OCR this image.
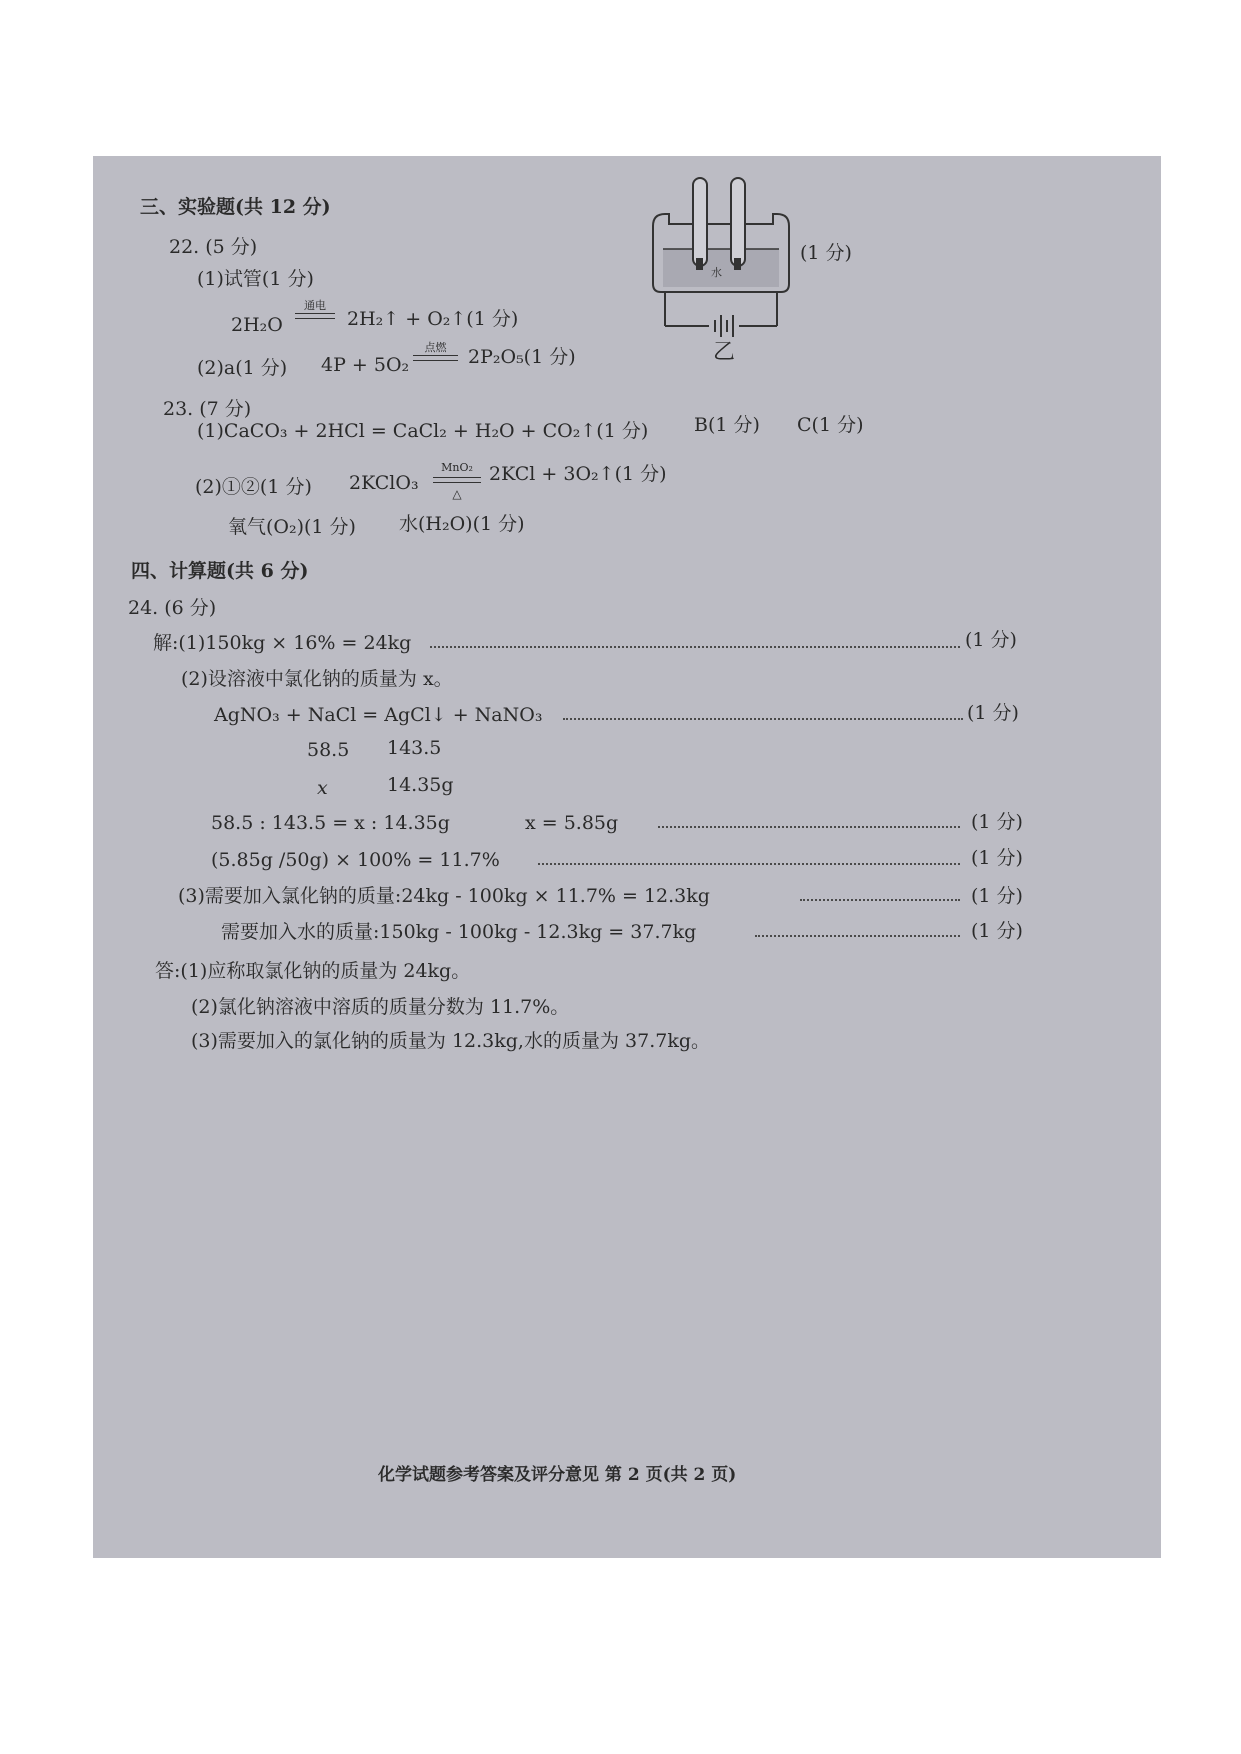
三、实验题(共 12 分)
22. (5 分)
(1)试管(1 分)
2H₂O
通电
2H₂↑ + O₂↑(1 分)
(2)a(1 分) 4P + 5O₂
点燃	2P₂O₅(1 分)
水
(1 分)
乙
23. (7 分)
(1)CaCO₃ + 2HCl = CaCl₂ + H₂O + CO₂↑(1 分) B(1 分) C(1 分)
(2)①②(1 分) 2KClO₃
MnO₂
△
2KCl + 3O₂↑(1 分)
氧气(O₂)(1 分) 水(H₂O)(1 分)
四、计算题(共 6 分)
24. (6 分)
解:(1)150kg × 16% = 24kg	(1 分)
(2)设溶液中氯化钠的质量为 x。
AgNO₃ + NaCl = AgCl↓ + NaNO₃	(1 分)
58.5 143.5
x	14.35g
58.5 : 143.5 = x : 14.35g	x = 5.85g	(1 分)
(5.85g /50g) × 100% = 11.7%	(1 分)
(3)需要加入氯化钠的质量:24kg - 100kg × 11.7% = 12.3kg	(1 分)
需要加入水的质量:150kg - 100kg - 12.3kg = 37.7kg	(1 分)
答:(1)应称取氯化钠的质量为 24kg。
(2)氯化钠溶液中溶质的质量分数为 11.7%。
(3)需要加入的氯化钠的质量为 12.3kg,水的质量为 37.7kg。
化学试题参考答案及评分意见 第 2 页(共 2 页)
